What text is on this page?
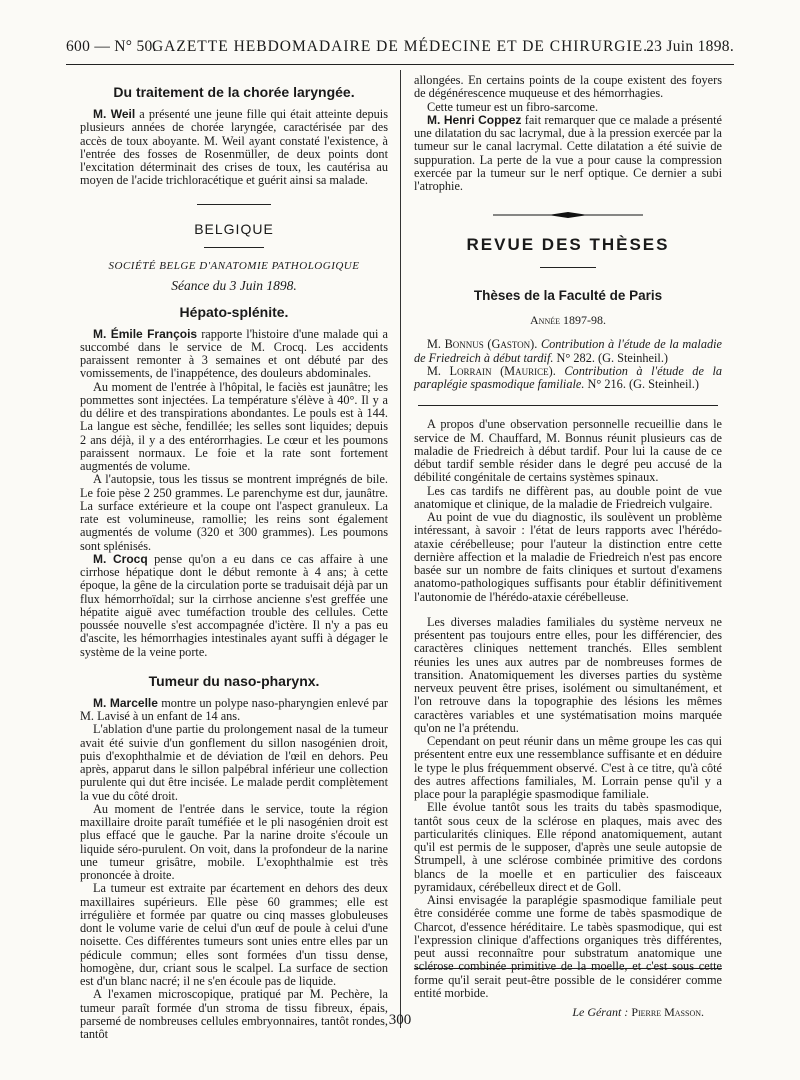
600 — N° 50.
GAZETTE HEBDOMADAIRE DE MÉDECINE ET DE CHIRURGIE.
23 Juin 1898.
Du traitement de la chorée laryngée.

M. Weil a présenté une jeune fille qui était atteinte depuis plusieurs années de chorée laryngée, caractérisée par des accès de toux aboyante. M. Weil ayant constaté l'existence, à l'entrée des fosses de Rosenmüller, de deux points dont l'excitation déterminait des crises de toux, les cautérisa au moyen de l'acide trichloracétique et guérit ainsi sa malade.

BELGIQUE
SOCIÉTÉ BELGE D'ANATOMIE PATHOLOGIQUE
Séance du 3 Juin 1898.
Hépato-splénite.

M. Émile François rapporte l'histoire d'une malade qui a succombé dans le service de M. Crocq. Les accidents paraissent remonter à 3 semaines et ont débuté par des vomissements, de l'inappétence, des douleurs abdominales.

Au moment de l'entrée à l'hôpital, le faciès est jaunâtre; les pommettes sont injectées. La température s'élève à 40°. Il y a du délire et des transpirations abondantes. Le pouls est à 144. La langue est sèche, fendillée; les selles sont liquides; depuis 2 ans déjà, il y a des entérorrhagies. Le cœur et les poumons paraissent normaux. Le foie et la rate sont fortement augmentés de volume.

A l'autopsie, tous les tissus se montrent imprégnés de bile. Le foie pèse 2 250 grammes. Le parenchyme est dur, jaunâtre. La surface extérieure et la coupe ont l'aspect granuleux. La rate est volumineuse, ramollie; les reins sont également augmentés de volume (320 et 300 grammes). Les poumons sont splénisés.

M. Crocq pense qu'on a eu dans ce cas affaire à une cirrhose hépatique dont le début remonte à 4 ans; à cette époque, la gêne de la circulation porte se traduisait déjà par un flux hémorrhoïdal; sur la cirrhose ancienne s'est greffée une hépatite aiguë avec tuméfaction trouble des cellules. Cette poussée nouvelle s'est accompagnée d'ictère. Il n'y a pas eu d'ascite, les hémorrhagies intestinales ayant suffi à dégager le système de la veine porte.

Tumeur du naso-pharynx.

M. Marcelle montre un polype naso-pharyngien enlevé par M. Lavisé à un enfant de 14 ans.

L'ablation d'une partie du prolongement nasal de la tumeur avait été suivie d'un gonflement du sillon nasogénien droit, puis d'exophthalmie et de déviation de l'œil en dehors. Peu après, apparut dans le sillon palpébral inférieur une collection purulente qui dut être incisée. Le malade perdit complètement la vue du côté droit.

Au moment de l'entrée dans le service, toute la région maxillaire droite paraît tuméfiée et le pli nasogénien droit est plus effacé que le gauche. Par la narine droite s'écoule un liquide séro-purulent. On voit, dans la profondeur de la narine une tumeur grisâtre, mobile. L'exophthalmie est très prononcée à droite.

La tumeur est extraite par écartement en dehors des deux maxillaires supérieurs. Elle pèse 60 grammes; elle est irrégulière et formée par quatre ou cinq masses globuleuses dont le volume varie de celui d'un œuf de poule à celui d'une noisette. Ces différentes tumeurs sont unies entre elles par un pédicule commun; elles sont formées d'un tissu dense, homogène, dur, criant sous le scalpel. La surface de section est d'un blanc nacré; il ne s'en écoule pas de liquide.

A l'examen microscopique, pratiqué par M. Pechère, la tumeur paraît formée d'un stroma de tissu fibreux, épais, parsemé de nombreuses cellules embryonnaires, tantôt rondes, tantôt

allongées. En certains points de la coupe existent des foyers de dégénérescence muqueuse et des hémorrhagies.

Cette tumeur est un fibro-sarcome.

M. Henri Coppez fait remarquer que ce malade a présenté une dilatation du sac lacrymal, due à la pression exercée par la tumeur sur le canal lacrymal. Cette dilatation a été suivie de suppuration. La perte de la vue a pour cause la compression exercée par la tumeur sur le nerf optique. Ce dernier a subi l'atrophie.

REVUE DES THÈSES
Thèses de la Faculté de Paris
Année 1897-98.

M. Bonnus (Gaston). Contribution à l'étude de la maladie de Friedreich à début tardif. N° 282. (G. Steinheil.)

M. Lorrain (Maurice). Contribution à l'étude de la paraplégie spasmodique familiale. N° 216. (G. Steinheil.)

A propos d'une observation personnelle recueillie dans le service de M. Chauffard, M. Bonnus réunit plusieurs cas de maladie de Friedreich à début tardif. Pour lui la cause de ce début tardif semble résider dans le degré peu accusé de la débilité congénitale de certains systèmes spinaux.

Les cas tardifs ne diffèrent pas, au double point de vue anatomique et clinique, de la maladie de Friedreich vulgaire.

Au point de vue du diagnostic, ils soulèvent un problème intéressant, à savoir : l'état de leurs rapports avec l'hérédo-ataxie cérébelleuse; pour l'auteur la distinction entre cette dernière affection et la maladie de Friedreich n'est pas encore basée sur un nombre de faits cliniques et surtout d'examens anatomo-pathologiques suffisants pour établir définitivement l'autonomie de l'hérédo-ataxie cérébelleuse.

Les diverses maladies familiales du système nerveux ne présentent pas toujours entre elles, pour les différencier, des caractères cliniques nettement tranchés. Elles semblent réunies les unes aux autres par de nombreuses formes de transition. Anatomiquement les diverses parties du système nerveux peuvent être prises, isolément ou simultanément, et l'on retrouve dans la topographie des lésions les mêmes caractères variables et une systématisation moins marquée qu'on ne l'a prétendu.

Cependant on peut réunir dans un même groupe les cas qui présentent entre eux une ressemblance suffisante et en déduire le type le plus fréquemment observé. C'est à ce titre, qu'à côté des autres affections familiales, M. Lorrain pense qu'il y a place pour la paraplégie spasmodique familiale.

Elle évolue tantôt sous les traits du tabès spasmodique, tantôt sous ceux de la sclérose en plaques, mais avec des particularités cliniques. Elle répond anatomiquement, autant qu'il est permis de le supposer, d'après une seule autopsie de Strumpell, à une sclérose combinée primitive des cordons blancs de la moelle et en particulier des faisceaux pyramidaux, cérébelleux direct et de Goll.

Ainsi envisagée la paraplégie spasmodique familiale peut être considérée comme une forme de tabès spasmodique de Charcot, d'essence héréditaire. Le tabès spasmodique, qui est l'expression clinique d'affections organiques très différentes, peut aussi reconnaître pour substratum anatomique une sclérose combinée primitive de la moelle, et c'est sous cette forme qu'il serait peut-être possible de le considérer comme entité morbide.

Le Gérant : Pierre Masson.
300
